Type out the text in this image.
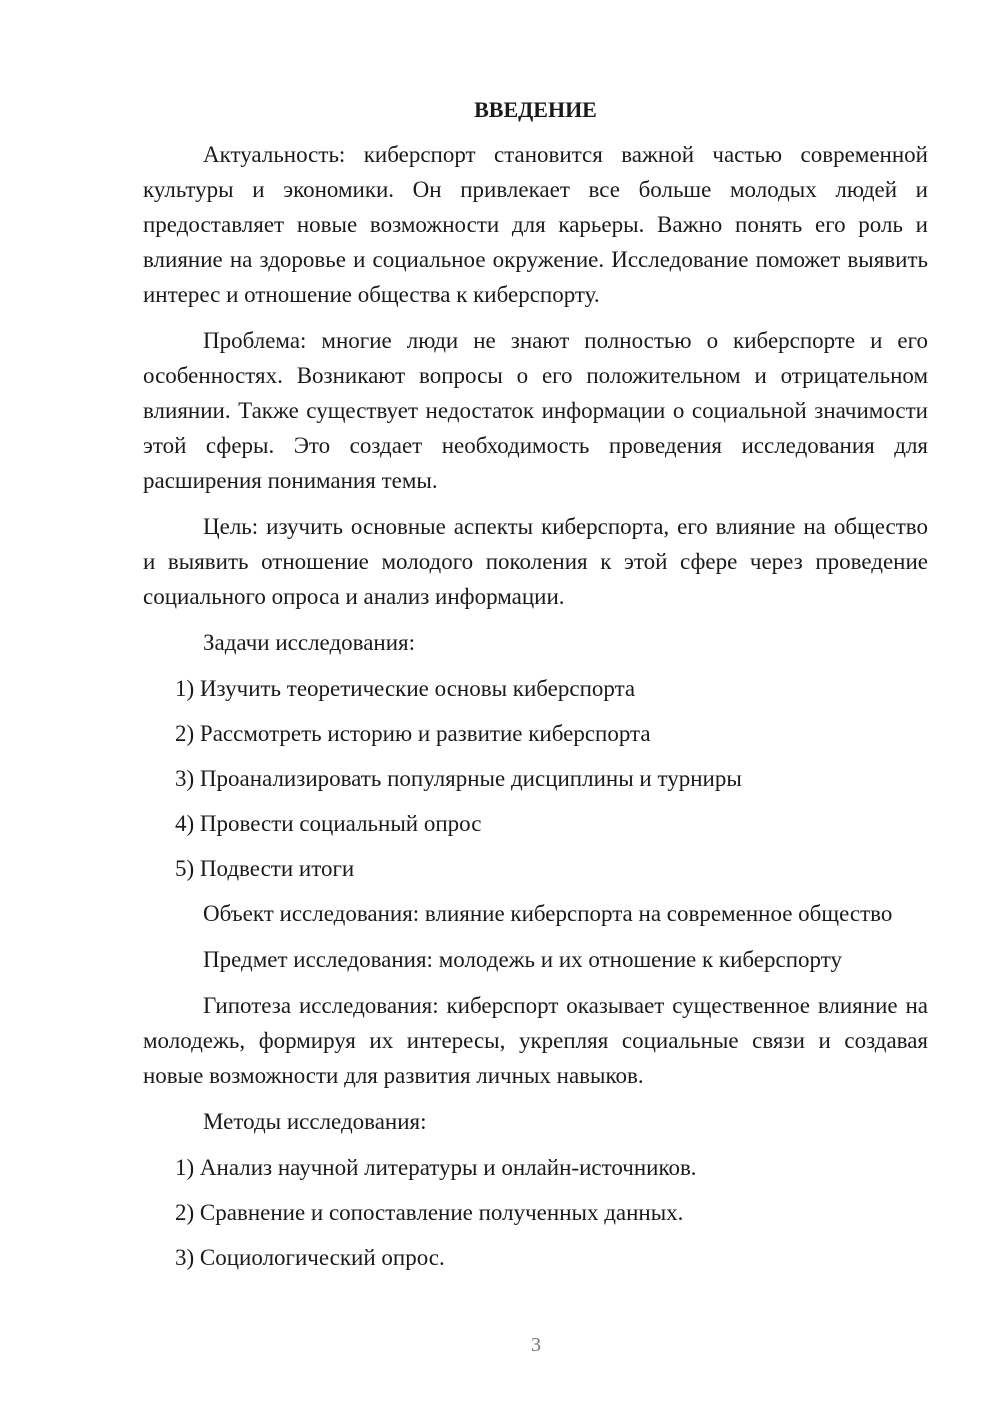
ВВЕДЕНИЕ

Актуальность: киберспорт становится важной частью современной культуры и экономики. Он привлекает все больше молодых людей и предоставляет новые возможности для карьеры. Важно понять его роль и влияние на здоровье и социальное окружение. Исследование поможет выявить интерес и отношение общества к киберспорту.

Проблема: многие люди не знают полностью о киберспорте и его особенностях. Возникают вопросы о его положительном и отрицательном влиянии. Также существует недостаток информации о социальной значимости этой сферы. Это создает необходимость проведения исследования для расширения понимания темы.

Цель: изучить основные аспекты киберспорта, его влияние на общество и выявить отношение молодого поколения к этой сфере через проведение социального опроса и анализ информации.

Задачи исследования:
1) Изучить теоретические основы киберспорта
2) Рассмотреть историю и развитие киберспорта
3) Проанализировать популярные дисциплины и турниры
4) Провести социальный опрос
5) Подвести итоги

Объект исследования: влияние киберспорта на современное общество

Предмет исследования: молодежь и их отношение к киберспорту

Гипотеза исследования: киберспорт оказывает существенное влияние на молодежь, формируя их интересы, укрепляя социальные связи и создавая новые возможности для развития личных навыков.

Методы исследования:
1) Анализ научной литературы и онлайн-источников.
2) Сравнение и сопоставление полученных данных.
3) Социологический опрос.
3
